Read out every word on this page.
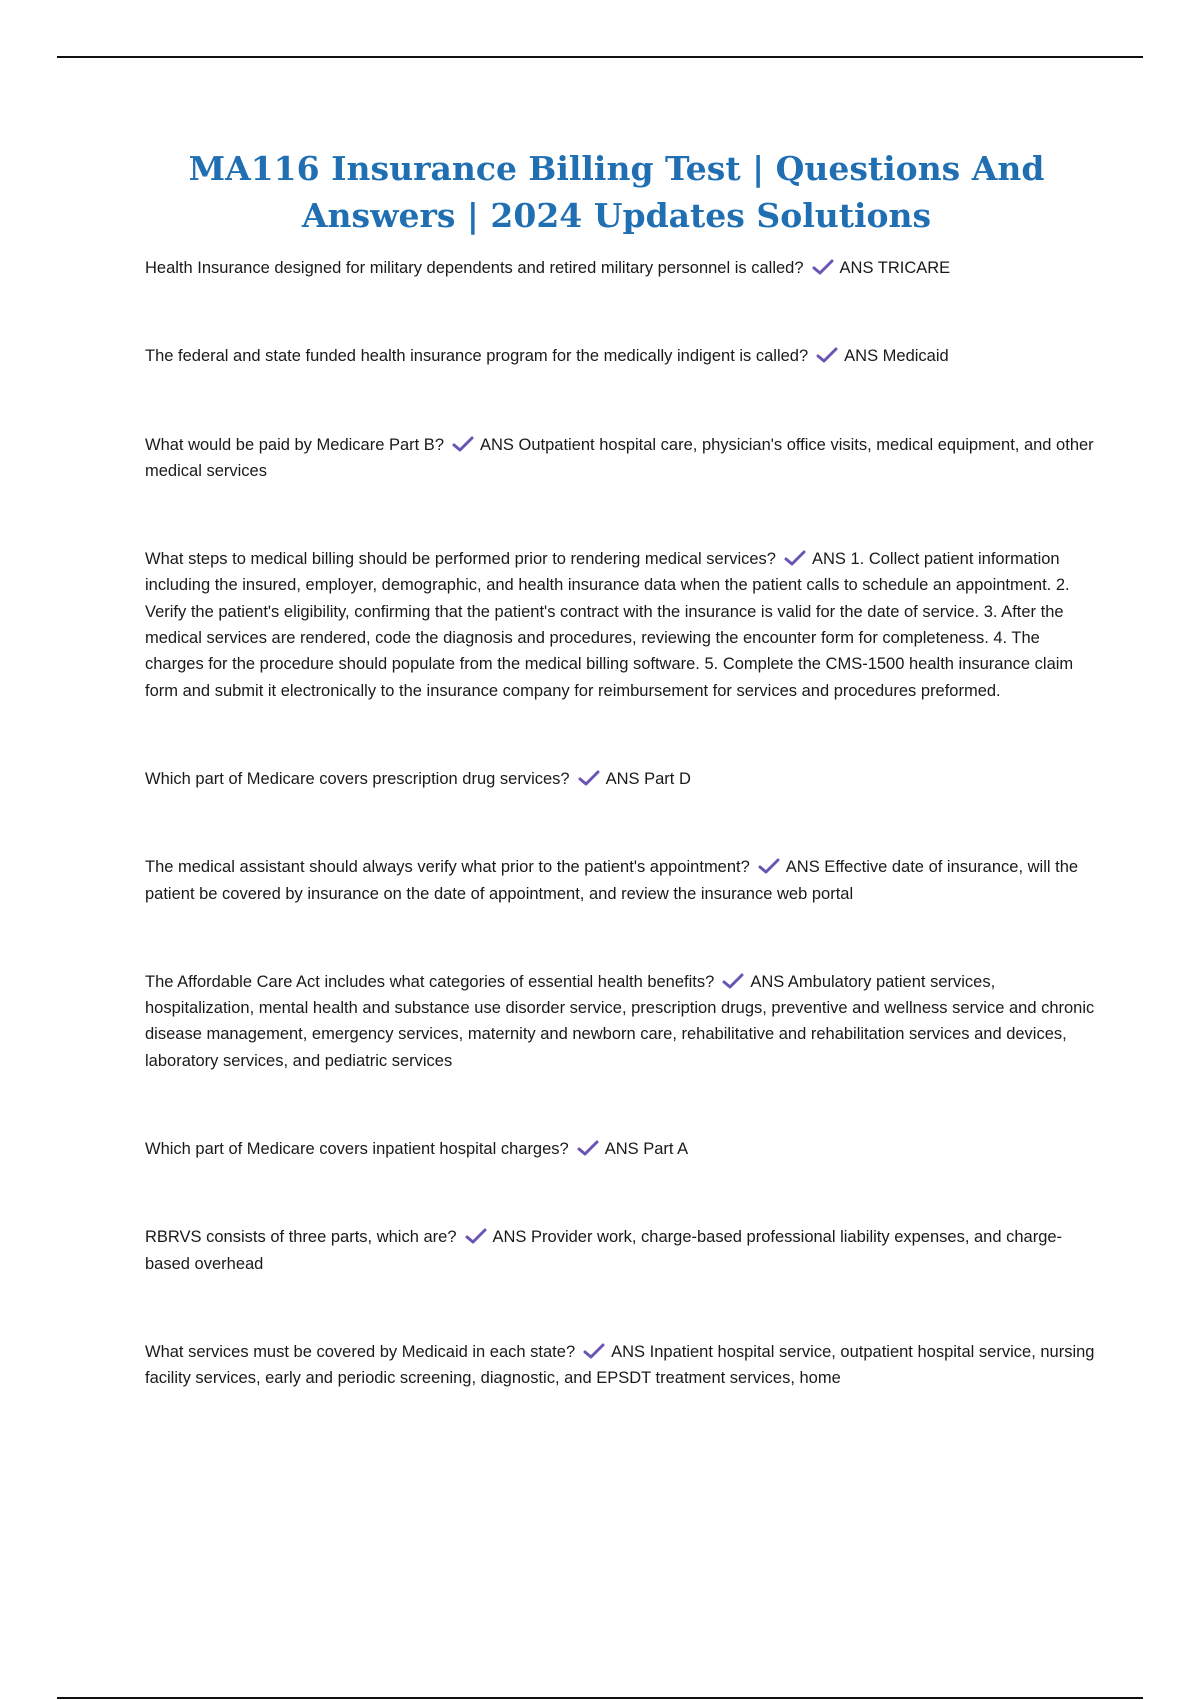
MA116 Insurance Billing Test | Questions And Answers | 2024 Updates Solutions
Health Insurance designed for military dependents and retired military personnel is called? ANS TRICARE
The federal and state funded health insurance program for the medically indigent is called? ANS Medicaid
What would be paid by Medicare Part B? ANS Outpatient hospital care, physician's office visits, medical equipment, and other medical services
What steps to medical billing should be performed prior to rendering medical services? ANS 1. Collect patient information including the insured, employer, demographic, and health insurance data when the patient calls to schedule an appointment. 2. Verify the patient's eligibility, confirming that the patient's contract with the insurance is valid for the date of service. 3. After the medical services are rendered, code the diagnosis and procedures, reviewing the encounter form for completeness. 4. The charges for the procedure should populate from the medical billing software. 5. Complete the CMS-1500 health insurance claim form and submit it electronically to the insurance company for reimbursement for services and procedures preformed.
Which part of Medicare covers prescription drug services? ANS Part D
The medical assistant should always verify what prior to the patient's appointment? ANS Effective date of insurance, will the patient be covered by insurance on the date of appointment, and review the insurance web portal
The Affordable Care Act includes what categories of essential health benefits? ANS Ambulatory patient services, hospitalization, mental health and substance use disorder service, prescription drugs, preventive and wellness service and chronic disease management, emergency services, maternity and newborn care, rehabilitative and rehabilitation services and devices, laboratory services, and pediatric services
Which part of Medicare covers inpatient hospital charges? ANS Part A
RBRVS consists of three parts, which are? ANS Provider work, charge-based professional liability expenses, and charge-based overhead
What services must be covered by Medicaid in each state? ANS Inpatient hospital service, outpatient hospital service, nursing facility services, early and periodic screening, diagnostic, and EPSDT treatment services, home
